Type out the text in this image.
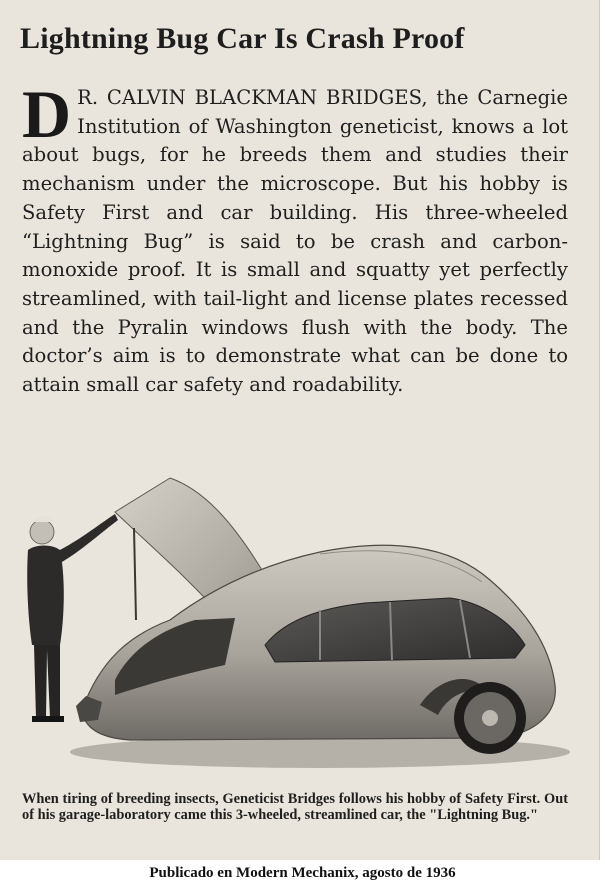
Lightning Bug Car Is Crash Proof

D R. CALVIN BLACKMAN BRIDGES, the Carnegie Institution of Washington geneticist, knows a lot about bugs, for he breeds them and studies their mechanism under the microscope. But his hobby is Safety First and car building. His three-wheeled “Lightning Bug” is said to be crash and carbon-monoxide proof. It is small and squatty yet perfectly streamlined, with tail-light and license plates recessed and the Pyralin windows flush with the body. The doctor’s aim is to demonstrate what can be done to attain small car safety and roadability.

When tiring of breeding insects, Geneticist Bridges follows his hobby of Safety First. Out of his garage-laboratory came this 3-wheeled, streamlined car, the "Lightning Bug."

Publicado en Modern Mechanix, agosto de 1936
